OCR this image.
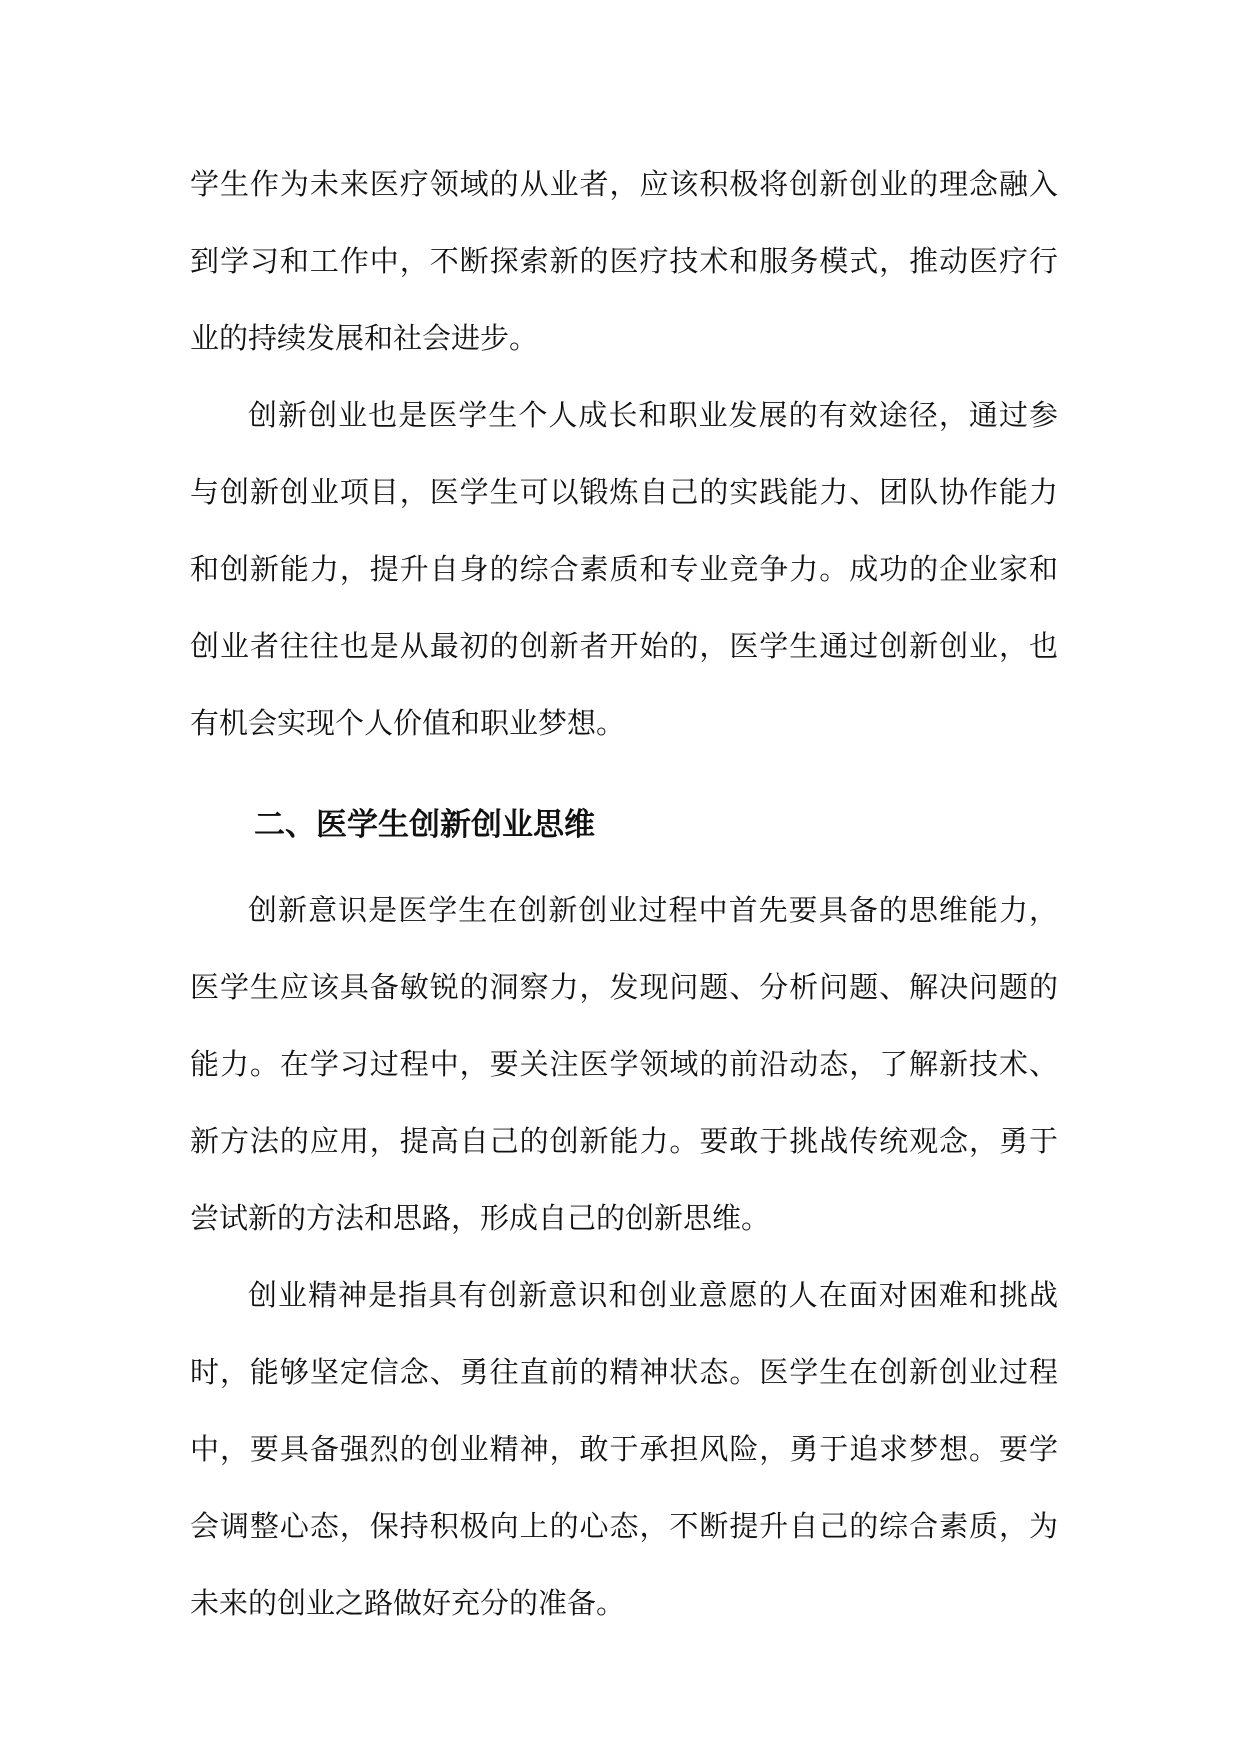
学生作为未来医疗领域的从业者，应该积极将创新创业的理念融入到学习和工作中，不断探索新的医疗技术和服务模式，推动医疗行业的持续发展和社会进步。

创新创业也是医学生个人成长和职业发展的有效途径，通过参与创新创业项目，医学生可以锻炼自己的实践能力、团队协作能力和创新能力，提升自身的综合素质和专业竞争力。成功的企业家和创业者往往也是从最初的创新者开始的，医学生通过创新创业，也有机会实现个人价值和职业梦想。

二、医学生创新创业思维

创新意识是医学生在创新创业过程中首先要具备的思维能力，医学生应该具备敏锐的洞察力，发现问题、分析问题、解决问题的能力。在学习过程中，要关注医学领域的前沿动态，了解新技术、新方法的应用，提高自己的创新能力。要敢于挑战传统观念，勇于尝试新的方法和思路，形成自己的创新思维。

创业精神是指具有创新意识和创业意愿的人在面对困难和挑战时，能够坚定信念、勇往直前的精神状态。医学生在创新创业过程中，要具备强烈的创业精神，敢于承担风险，勇于追求梦想。要学会调整心态，保持积极向上的心态，不断提升自己的综合素质，为未来的创业之路做好充分的准备。
